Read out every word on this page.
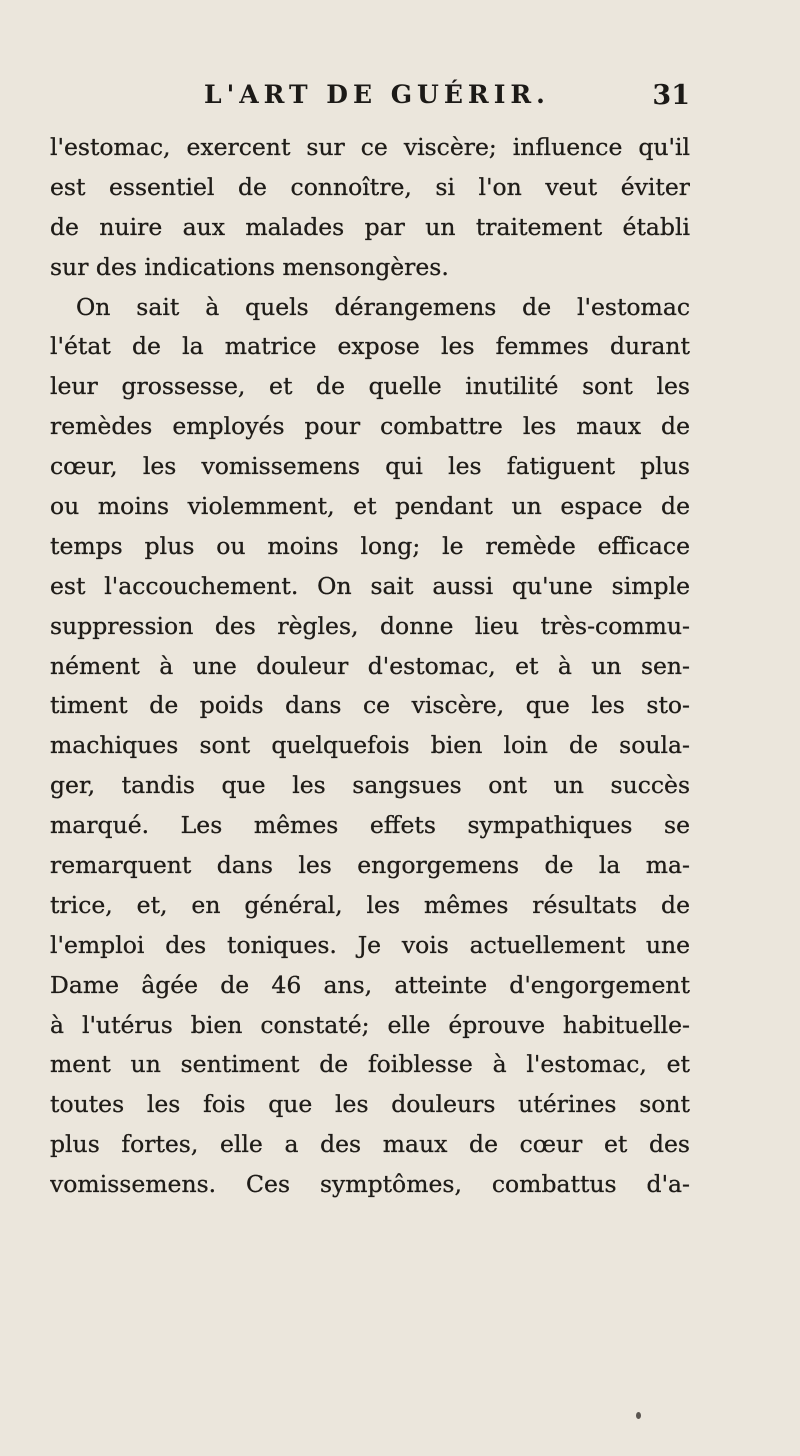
L'ART DE GUÉRIR.	31
l'estomac, exercent sur ce viscère; influence qu'il
est essentiel de connoître, si l'on veut éviter
de nuire aux malades par un traitement établi
sur des indications mensongères.
On sait à quels dérangemens de l'estomac
l'état de la matrice expose les femmes durant
leur grossesse, et de quelle inutilité sont les
remèdes employés pour combattre les maux de
cœur, les vomissemens qui les fatiguent plus
ou moins violemment, et pendant un espace de
temps plus ou moins long; le remède efficace
est l'accouchement. On sait aussi qu'une simple
suppression des règles, donne lieu très-commu-
nément à une douleur d'estomac, et à un sen-
timent de poids dans ce viscère, que les sto-
machiques sont quelquefois bien loin de soula-
ger, tandis que les sangsues ont un succès
marqué. Les mêmes effets sympathiques se
remarquent dans les engorgemens de la ma-
trice, et, en général, les mêmes résultats de
l'emploi des toniques. Je vois actuellement une
Dame âgée de 46 ans, atteinte d'engorgement
à l'utérus bien constaté; elle éprouve habituelle-
ment un sentiment de foiblesse à l'estomac, et
toutes les fois que les douleurs utérines sont
plus fortes, elle a des maux de cœur et des
vomissemens. Ces symptômes, combattus d'a-
